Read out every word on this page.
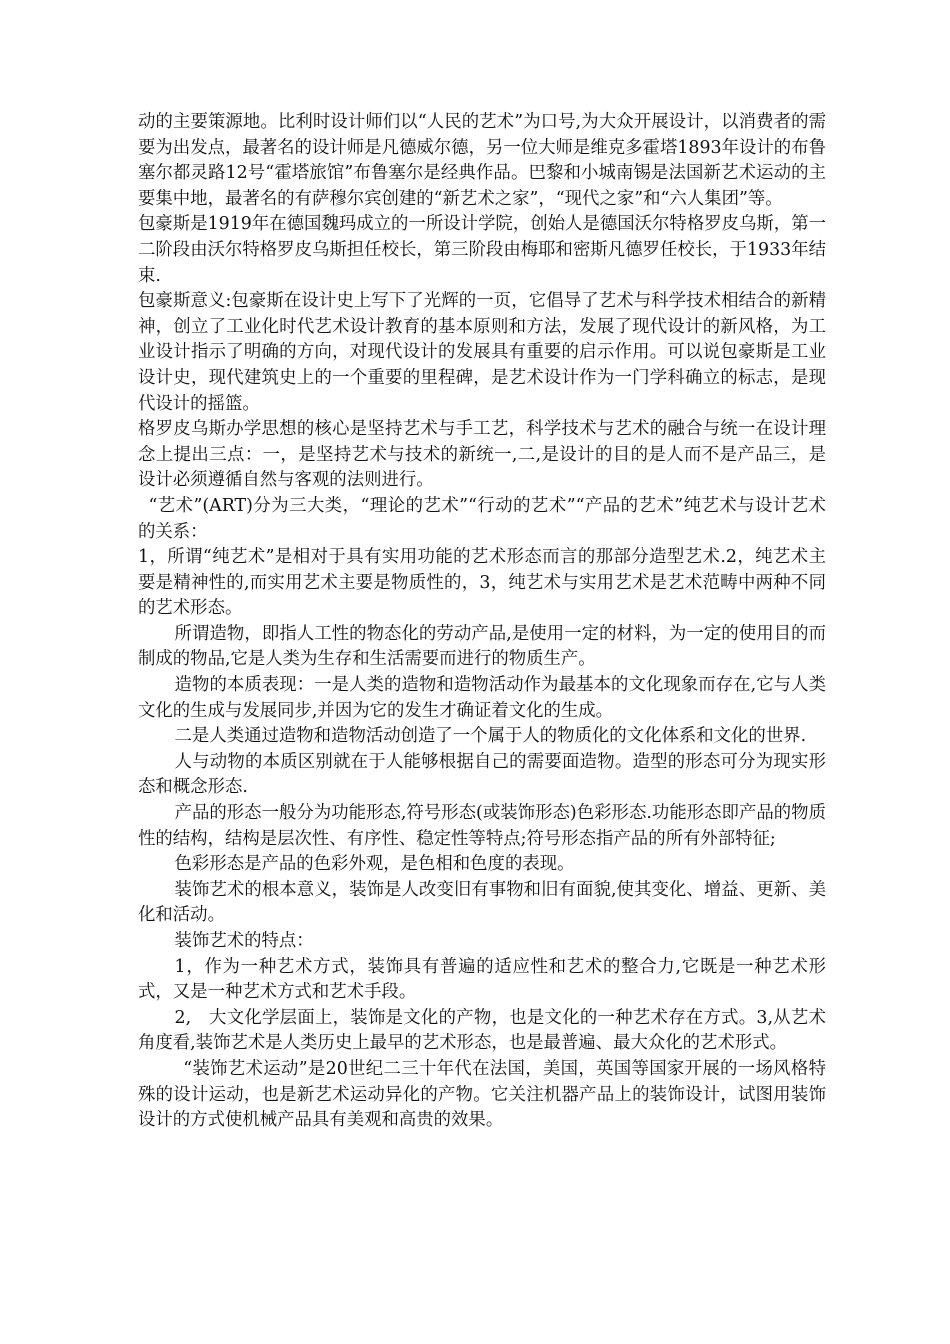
动的主要策源地。比利时设计师们以“人民的艺术”为口号,为大众开展设计，以消费者的需要为出发点，最著名的设计师是凡德威尔德，另一位大师是维克多霍塔1893年设计的布鲁塞尔都灵路12号“霍塔旅馆”布鲁塞尔是经典作品。巴黎和小城南锡是法国新艺术运动的主要集中地，最著名的有萨穆尔宾创建的“新艺术之家”，“现代之家”和“六人集团”等。

包豪斯是1919年在德国魏玛成立的一所设计学院，创始人是德国沃尔特格罗皮乌斯，第一二阶段由沃尔特格罗皮乌斯担任校长，第三阶段由梅耶和密斯凡德罗任校长，于1933年结束.

包豪斯意义:包豪斯在设计史上写下了光辉的一页，它倡导了艺术与科学技术相结合的新精神，创立了工业化时代艺术设计教育的基本原则和方法，发展了现代设计的新风格，为工业设计指示了明确的方向，对现代设计的发展具有重要的启示作用。可以说包豪斯是工业设计史，现代建筑史上的一个重要的里程碑，是艺术设计作为一门学科确立的标志，是现代设计的摇篮。

格罗皮乌斯办学思想的核心是坚持艺术与手工艺，科学技术与艺术的融合与统一在设计理念上提出三点：一，是坚持艺术与技术的新统一,二,是设计的目的是人而不是产品三，是设计必须遵循自然与客观的法则进行。

“艺术”(ART)分为三大类，“理论的艺术”“行动的艺术”“产品的艺术”纯艺术与设计艺术的关系：

1，所谓“纯艺术”是相对于具有实用功能的艺术形态而言的那部分造型艺术.2，纯艺术主要是精神性的,而实用艺术主要是物质性的，3，纯艺术与实用艺术是艺术范畴中两种不同的艺术形态。

所谓造物，即指人工性的物态化的劳动产品,是使用一定的材料，为一定的使用目的而制成的物品,它是人类为生存和生活需要而进行的物质生产。

造物的本质表现：一是人类的造物和造物活动作为最基本的文化现象而存在,它与人类文化的生成与发展同步,并因为它的发生才确证着文化的生成。

二是人类通过造物和造物活动创造了一个属于人的物质化的文化体系和文化的世界.

人与动物的本质区别就在于人能够根据自己的需要面造物。造型的形态可分为现实形态和概念形态.

产品的形态一般分为功能形态,符号形态(或装饰形态)色彩形态.功能形态即产品的物质性的结构，结构是层次性、有序性、稳定性等特点;符号形态指产品的所有外部特征;

色彩形态是产品的色彩外观，是色相和色度的表现。

装饰艺术的根本意义，装饰是人改变旧有事物和旧有面貌,使其变化、增益、更新、美化和活动。

装饰艺术的特点：

1，作为一种艺术方式，装饰具有普遍的适应性和艺术的整合力,它既是一种艺术形式，又是一种艺术方式和艺术手段。

2,　大文化学层面上，装饰是文化的产物，也是文化的一种艺术存在方式。3,从艺术角度看,装饰艺术是人类历史上最早的艺术形态，也是最普遍、最大众化的艺术形式。

“装饰艺术运动”是20世纪二三十年代在法国，美国，英国等国家开展的一场风格特殊的设计运动，也是新艺术运动异化的产物。它关注机器产品上的装饰设计，试图用装饰设计的方式使机械产品具有美观和高贵的效果。
